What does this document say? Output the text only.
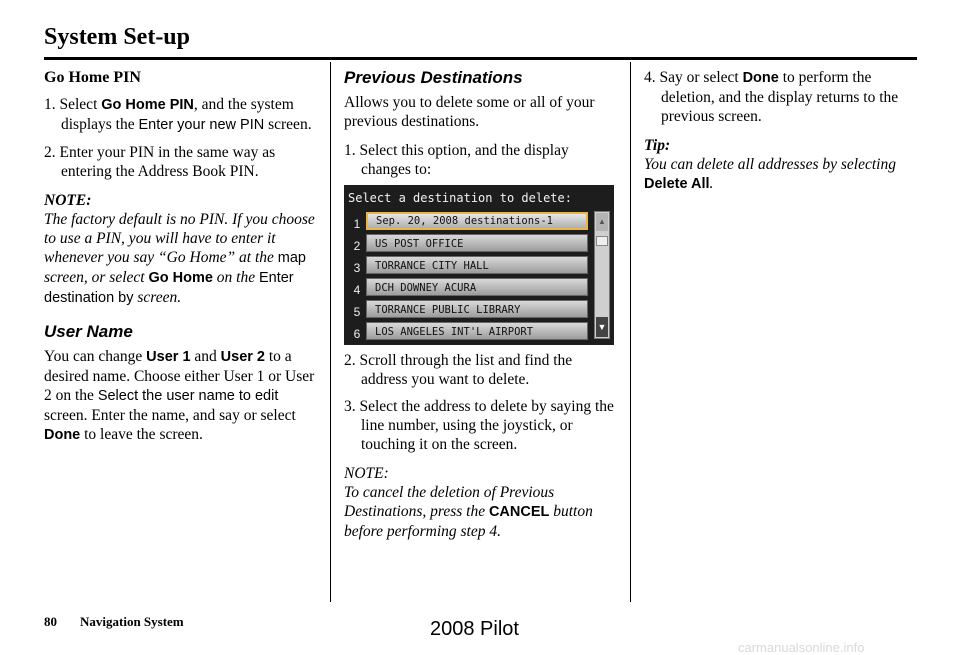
System Set-up
Go Home PIN
1. Select Go Home PIN, and the system displays the Enter your new PIN screen.
2. Enter your PIN in the same way as entering the Address Book PIN.
NOTE:

The factory default is no PIN. If you choose to use a PIN, you will have to enter it whenever you say “Go Home” at the map screen, or select Go Home on the Enter destination by screen.

User Name

You can change User 1 and User 2 to a desired name. Choose either User 1 or User 2 on the Select the user name to edit screen. Enter the name, and say or select Done to leave the screen.

Previous Destinations

Allows you to delete some or all of your previous destinations.

1. Select this option, and the display changes to:
Select a destination to delete:
1	Sep. 20, 2008 destinations-1
2	US POST OFFICE
3	TORRANCE CITY HALL
4	DCH DOWNEY ACURA
5	TORRANCE PUBLIC LIBRARY
6	LOS ANGELES INT'L AIRPORT
▲
▼
2. Scroll through the list and find the address you want to delete.
3. Select the address to delete by saying the line number, using the joystick, or touching it on the screen.
NOTE:

To cancel the deletion of Previous Destinations, press the CANCEL button before performing step 4.

4. Say or select Done to perform the deletion, and the display returns to the previous screen.
Tip:

You can delete all addresses by selecting Delete All.

80 Navigation System	2008 Pilot
carmanualsonline.info
